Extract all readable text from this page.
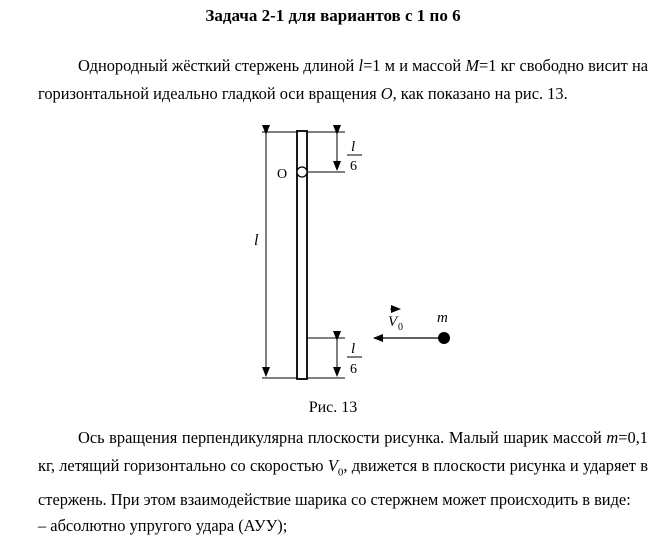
Задача 2-1 для вариантов с 1 по 6
Однородный жёсткий стержень длиной l=1 м и массой M=1 кг свободно висит на горизонтальной идеально гладкой оси вращения O, как показано на рис. 13.
O
l
l
6
l
6
V 0
m
Рис. 13
Ось вращения перпендикулярна плоскости рисунка. Малый шарик массой m=0,1 кг, летящий горизонтально со скоростью $V_0$, движется в плоскости рисунка и ударяет в стержень. При этом взаимодействие шарика со стержнем может происходить в виде:
– абсолютно упругого удара (АУУ);
